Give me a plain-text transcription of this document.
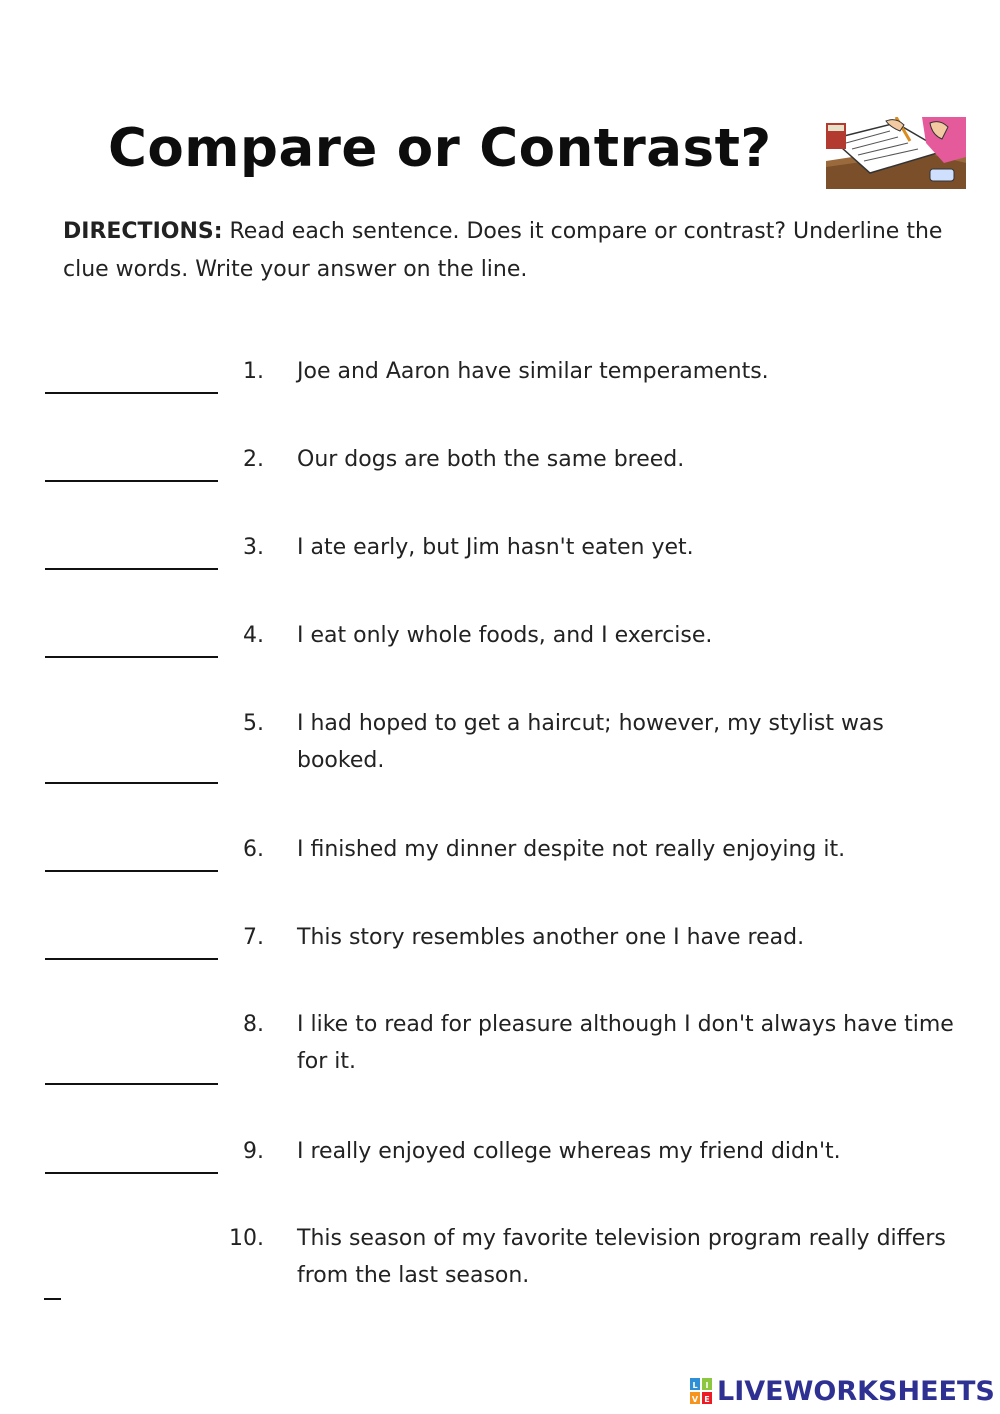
Compare or Contrast?
DIRECTIONS: Read each sentence. Does it compare or contrast? Underline the clue words. Write your answer on the line.
1. Joe and Aaron have similar temperaments.
2. Our dogs are both the same breed.
3. I ate early, but Jim hasn't eaten yet.
4. I eat only whole foods, and I exercise.
5. I had hoped to get a haircut; however, my stylist was booked.
6. I finished my dinner despite not really enjoying it.
7. This story resembles another one I have read.
8. I like to read for pleasure although I don't always have time for it.
9. I really enjoyed college whereas my friend didn't.
10. This season of my favorite television program really differs from the last season.
L I
V E LIVEWORKSHEETS
